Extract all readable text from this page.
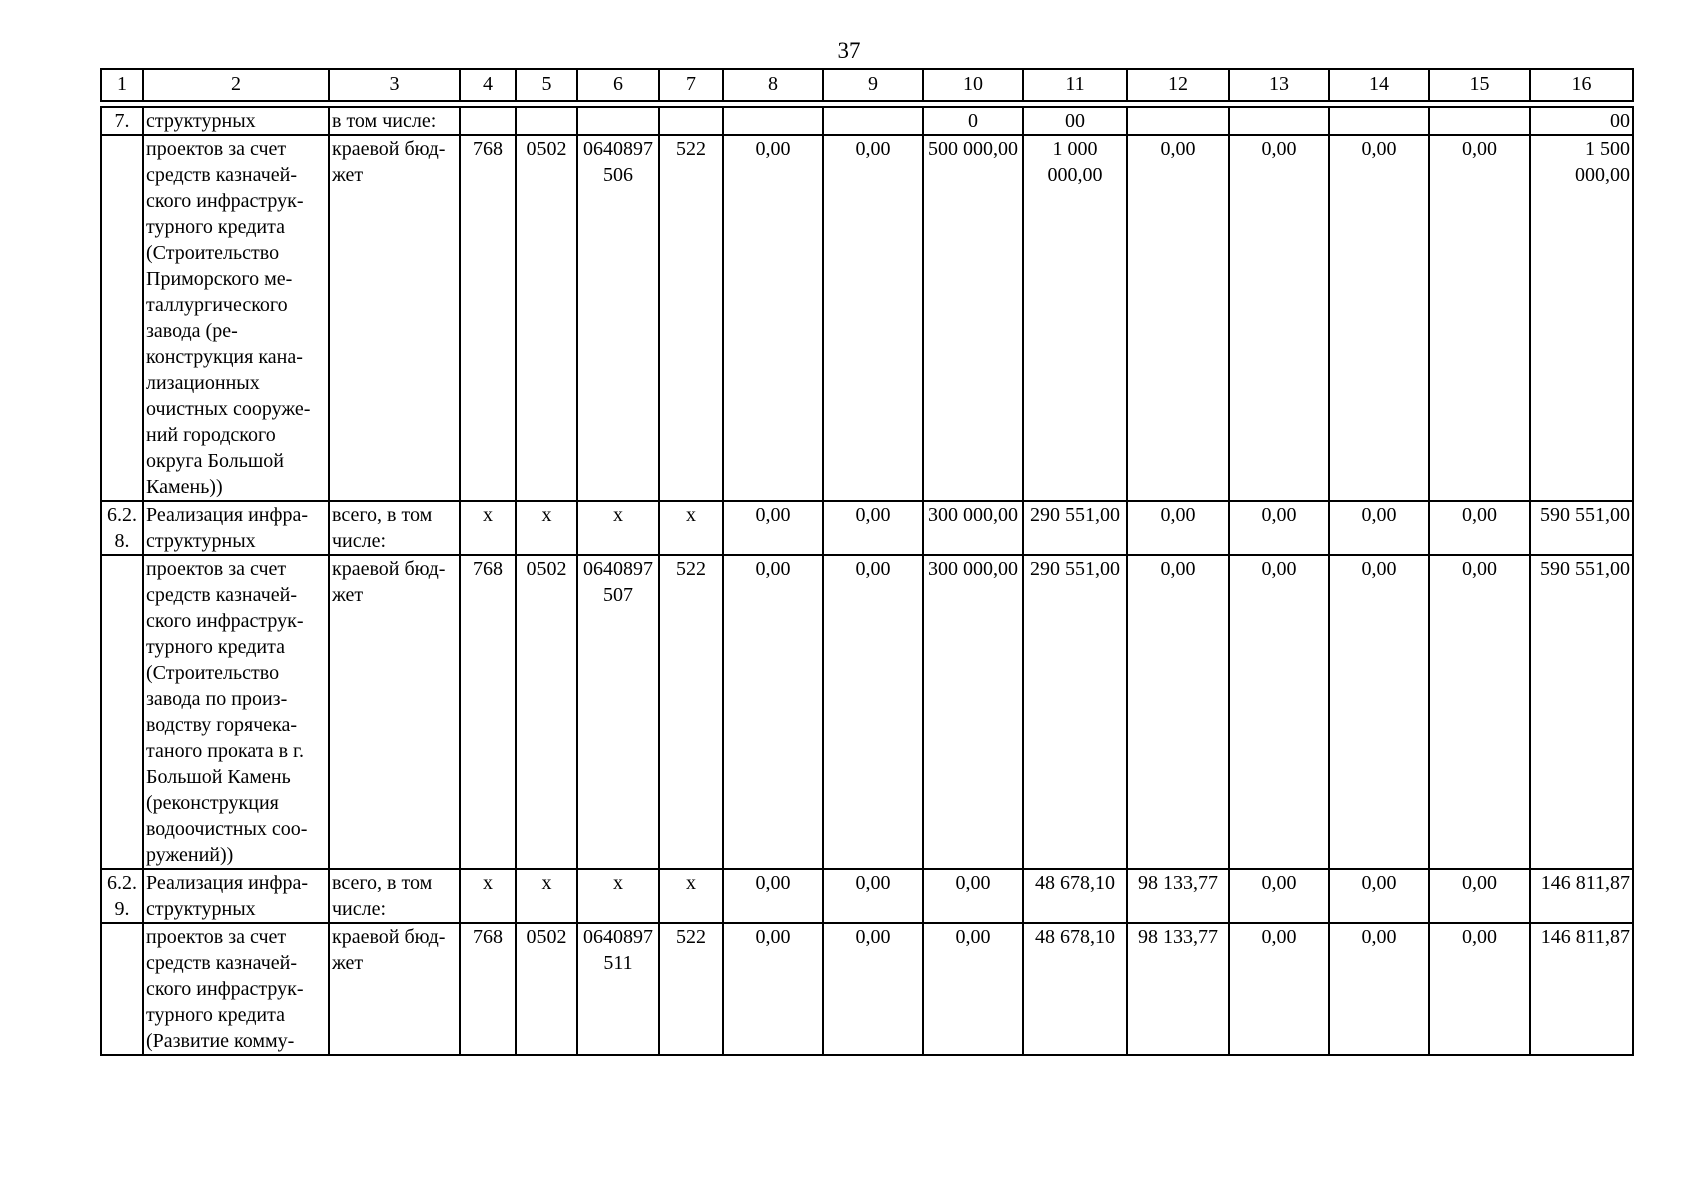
37
1	2	3	4	5	6	7	8	9	10	11	12	13	14	15	16

7.	структурных	в том числе:							0	00					00
	проектов за счет средств казначей-ского инфраструк-турного кредита (Строительство Приморского ме-таллургического завода (ре-конструкция кана-лизационных очистных сооруже-ний городского округа Большой Камень))	краевой бюд-жет	768	0502	0640897506	522	0,00	0,00	500 000,00	1 000 000,00	0,00	0,00	0,00	0,00	1 500 000,00
6.2.8.	Реализация инфра-структурных	всего, в том числе:	x	x	x	x	0,00	0,00	300 000,00	290 551,00	0,00	0,00	0,00	0,00	590 551,00
	проектов за счет средств казначей-ского инфраструк-турного кредита (Строительство завода по произ-водству горячека-таного проката в г. Большой Камень (реконструкция водоочистных соо-ружений))	краевой бюд-жет	768	0502	0640897507	522	0,00	0,00	300 000,00	290 551,00	0,00	0,00	0,00	0,00	590 551,00
6.2.9.	Реализация инфра-структурных	всего, в том числе:	x	x	x	x	0,00	0,00	0,00	48 678,10	98 133,77	0,00	0,00	0,00	146 811,87
	проектов за счет средств казначей-ского инфраструк-турного кредита (Развитие комму-	краевой бюд-жет	768	0502	0640897511	522	0,00	0,00	0,00	48 678,10	98 133,77	0,00	0,00	0,00	146 811,87
